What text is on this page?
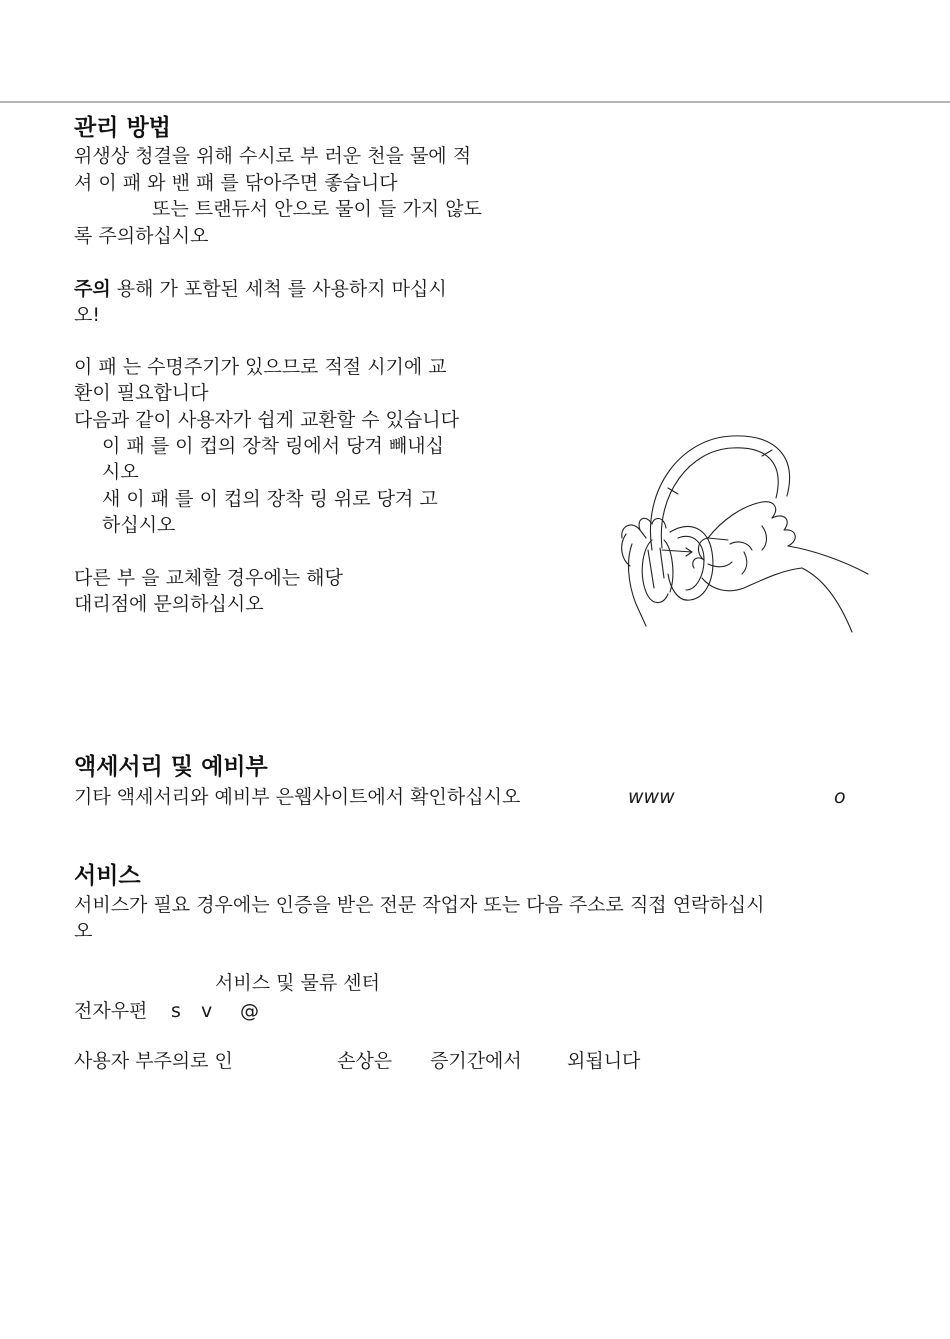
관리 방법
위생상 청결을 위해 수시로 부 러운 천을 물에 적
셔 이 패 와 밴 패 를 닦아주면 좋습니다
또는 트랜듀서 안으로 물이 들 가지 않도
록 주의하십시오
주의 용해 가 포함된 세척 를 사용하지 마십시
오!
이 패 는 수명주기가 있으므로 적절 시기에 교
환이 필요합니다
다음과 같이 사용자가 쉽게 교환할 수 있습니다
이 패 를 이 컵의 장착 링에서 당겨 빼내십
시오
새 이 패 를 이 컵의 장착 링 위로 당겨 고
하십시오
다른 부 을 교체할 경우에는 해당
대리점에 문의하십시오
액세서리 및 예비부
기타 액세서리와 예비부 은웹사이트에서 확인하십시오	www	o
서비스
서비스가 필요 경우에는 인증을 받은 전문 작업자 또는 다음 주소로 직접 연락하십시
오
서비스 및 물류 센터
전자우편 s v @
사용자 부주의로 인	손상은 증기간에서 외됩니다
